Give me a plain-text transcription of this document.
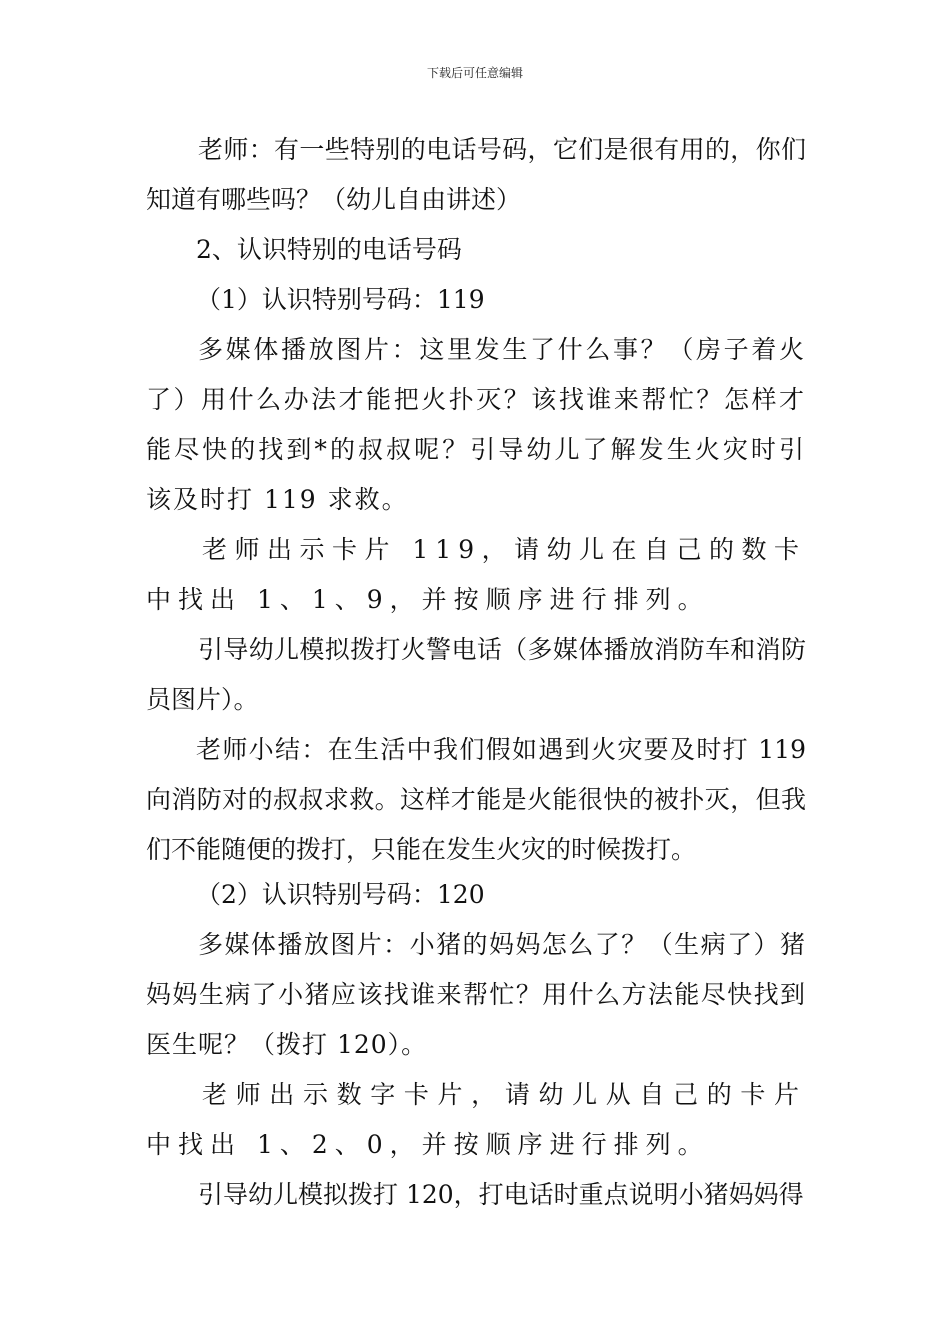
下载后可任意编辑

老师：有一些特别的电话号码，它们是很有用的，你们知道有哪些吗？（幼儿自由讲述）

2、认识特别的电话号码

（1）认识特别号码：119

多媒体播放图片：这里发生了什么事？（房子着火了）用什么办法才能把火扑灭？该找谁来帮忙？怎样才能尽快的找到*的叔叔呢？引导幼儿了解发生火灾时引该及时打 119 求救。

老师出示卡片 119，请幼儿在自己的数卡中找出 1、1、9，并按顺序进行排列。

引导幼儿模拟拨打火警电话（多媒体播放消防车和消防员图片）。

老师小结：在生活中我们假如遇到火灾要及时打 119 向消防对的叔叔求救。这样才能是火能很快的被扑灭，但我们不能随便的拨打，只能在发生火灾的时候拨打。

（2）认识特别号码：120

多媒体播放图片：小猪的妈妈怎么了？（生病了）猪妈妈生病了小猪应该找谁来帮忙？用什么方法能尽快找到医生呢？（拨打 120）。

老师出示数字卡片，请幼儿从自己的卡片中找出 1、2、0，并按顺序进行排列。

引导幼儿模拟拨打 120，打电话时重点说明小猪妈妈得
